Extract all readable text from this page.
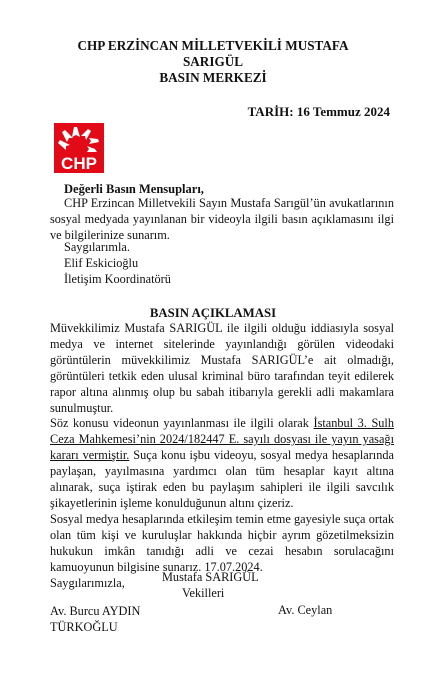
CHP ERZİNCAN MİLLETVEKİLİ MUSTAFA
SARIGÜL
BASIN MERKEZİ
TARİH: 16 Temmuz 2024
CHP
Değerli Basın Mensupları,

CHP Erzincan Milletvekili Sayın Mustafa Sarıgül’ün avukatlarının sosyal medyada yayınlanan bir videoyla ilgili basın açıklamasını ilgi ve bilgilerinize sunarım.

Saygılarımla.
Elif Eskicioğlu
İletişim Koordinatörü
BASIN AÇIKLAMASI

Müvekkilimiz Mustafa SARIGÜL ile ilgili olduğu iddiasıyla sosyal medya ve internet sitelerinde yayınlandığı görülen videodaki görüntülerin müvekkilimiz Mustafa SARIGÜL’e ait olmadığı, görüntüleri tetkik eden ulusal kriminal büro tarafından teyit edilerek rapor altına alınmış olup bu sabah itibarıyla gerekli adli makamlara sunulmuştur.

Söz konusu videonun yayınlanması ile ilgili olarak İstanbul 3. Sulh Ceza Mahkemesi’nin 2024/182447 E. sayılı dosyası ile yayın yasağı kararı vermiştir. Suça konu işbu videoyu, sosyal medya hesaplarında paylaşan, yayılmasına yardımcı olan tüm hesaplar kayıt altına alınarak, suça iştirak eden bu paylaşım sahipleri ile ilgili savcılık şikayetlerinin işleme konulduğunun altını çizeriz.

Sosyal medya hesaplarında etkileşim temin etme gayesiyle suça ortak olan tüm kişi ve kuruluşlar hakkında hiçbir ayrım gözetilmeksizin hukukun imkân tanıdığı adli ve cezai hesabın sorulacağını kamuoyunun bilgisine sunarız. 17.07.2024.

Saygılarımızla,	Mustafa SARIGÜL
Vekilleri
Av. Burcu AYDIN
TÜRKOĞLU
Av. Ceylan
